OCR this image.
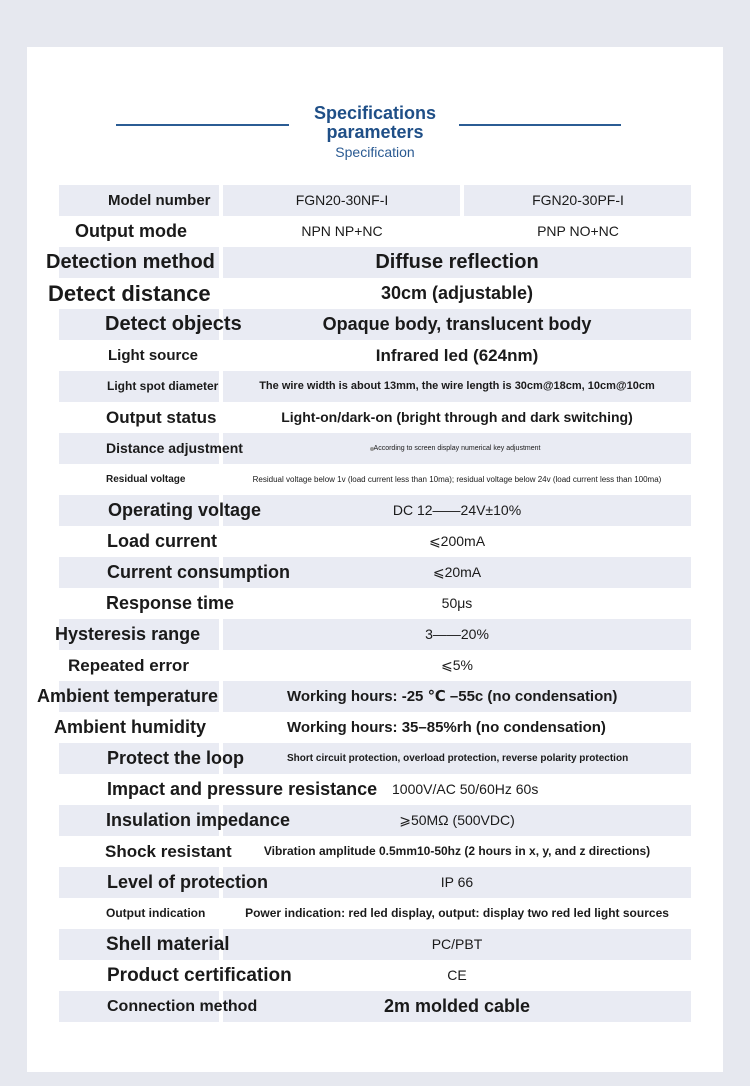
Specifications
parameters
Specification
Model number	FGN20-30NF-I	FGN20-30PF-I
Output mode	NPN NP+NC	PNP NO+NC
Detection method	Diffuse reflection
Detect distance	30cm (adjustable)
Detect objects	Opaque body, translucent body
Light source	Infrared led (624nm)
Light spot diameter	The wire width is about 13mm, the wire length is 30cm@18cm, 10cm@10cm
Output status	Light-on/dark-on (bright through and dark switching)
Distance adjustment	According to screen display numerical key adjustment
Residual voltage	Residual voltage below 1v (load current less than 10ma); residual voltage below 24v (load current less than 100ma)
Operating voltage	DC 12——24V±10%
Load current	⩽200mA
Current consumption	⩽20mA
Response time	50μs
Hysteresis range	3——20%
Repeated error	⩽5%
Ambient temperature	Working hours: -25 ℃ –55c (no condensation)
Ambient humidity	Working hours: 35–85%rh (no condensation)
Protect the loop	Short circuit protection, overload protection, reverse polarity protection
Impact and pressure resistance 1000V/AC 50/60Hz 60s
Insulation impedance	⩾50MΩ (500VDC)
Shock resistant	Vibration amplitude 0.5mm10-50hz (2 hours in x, y, and z directions)
Level of protection	IP 66
Output indication	Power indication: red led display, output: display two red led light sources
Shell material	PC/PBT
Product certification	CE
Connection method	2m molded cable
